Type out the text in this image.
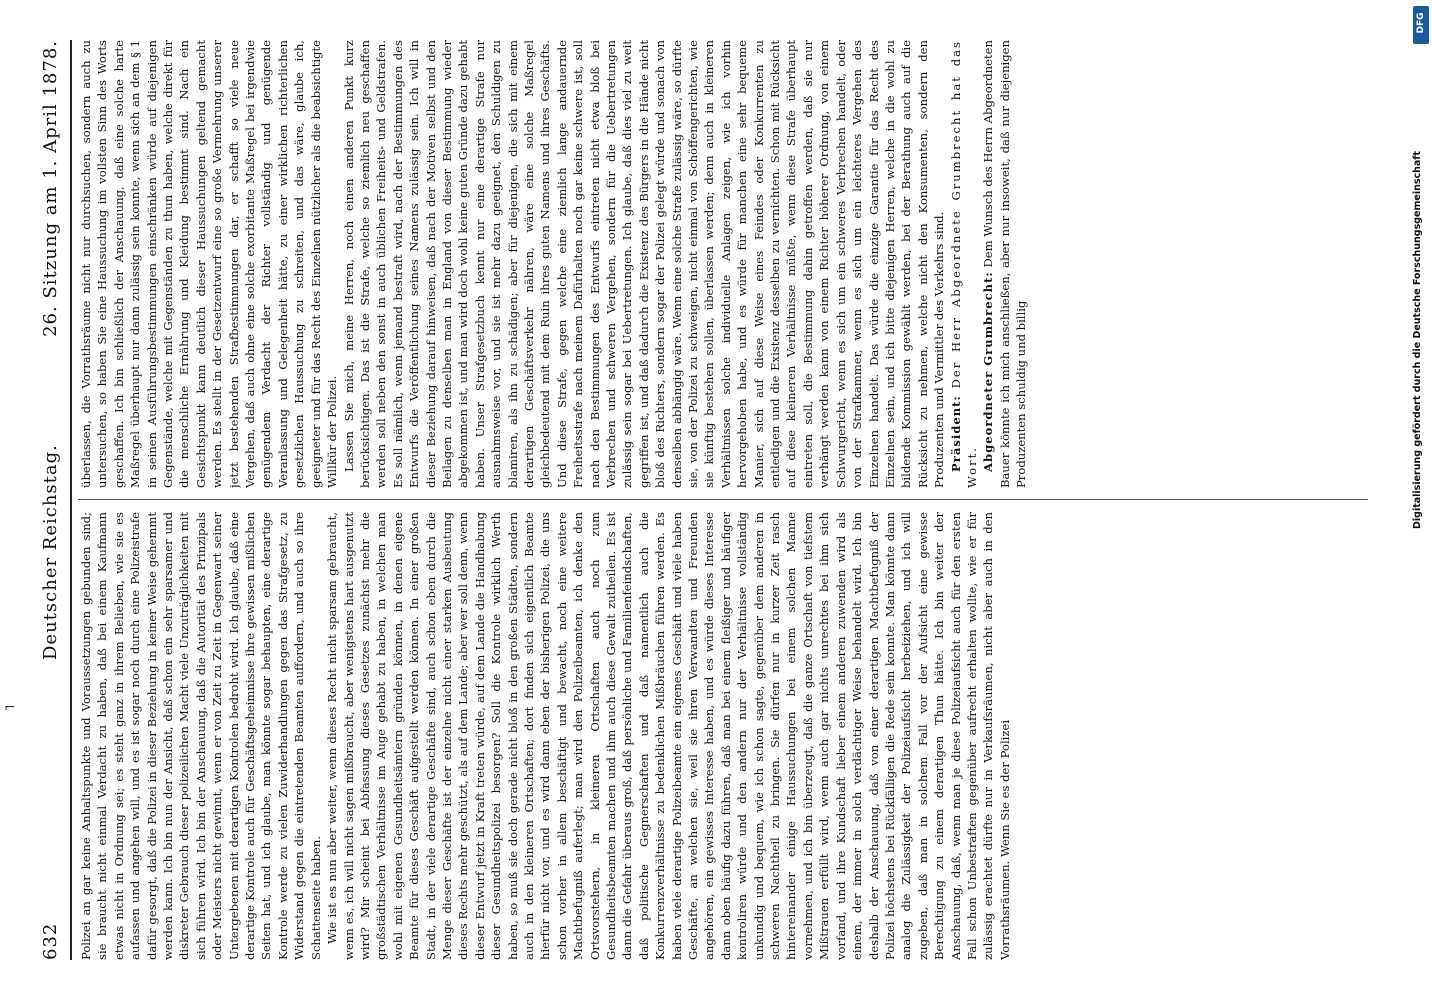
632
Deutscher Reichstag.
26. Sitzung am 1. April 1878.

Polizei an gar keine Anhaltspunkte und Voraussetzungen gebunden sind; sie braucht nicht einmal Verdacht zu haben, daß bei einem Kaufmann etwas nicht in Ordnung sei; es steht ganz in ihrem Belieben, wie sie es aufassen und angehen will, und es ist sogar noch durch eine Polizeistrafe dafür gesorgt, daß die Polizei in dieser Beziehung in keiner Weise gehemmt werden kann. Ich bin nun der Ansicht, daß schon ein sehr sparsamer und diskreter Gebrauch dieser polizeilichen Macht viele Unzuträglichkeiten mit sich führen wird. Ich bin der Anschauung, daß die Autorität des Prinzipals oder Meisters nicht gewinnt, wenn er von Zeit zu Zeit in Gegenwart seiner Untergebenen mit derartigen Kontrolen bedroht wird. Ich glaube, daß eine derartige Kontrole auch für Geschäftsgeheimnisse ihre gewissen mißlichen Seiten hat, und ich glaube, man könnte sogar behaupten, eine derartige Kontrole werde zu vielen Zuwiderhandlungen gegen das Strafgesetz, zu Widerstand gegen die eintretenden Beamten auffordern, und auch so ihre Schattenseite haben. Wie ist es nun aber weiter, wenn dieses Recht nicht sparsam gebraucht, wenn es, ich will nicht sagen mißbraucht, aber wenigstens hart ausgenutzt wird? Mir scheint bei Abfassung dieses Gesetzes zunächst mehr die großstädtischen Verhältnisse im Auge gehabt zu haben, in welchen man wohl mit eigenen Gesundheitsämtern gründen können, in denen eigene Beamte für dieses Geschäft aufgestellt werden können. In einer großen Stadt, in der viele derartige Geschäfte sind, auch schon eben durch die Menge dieser Geschäfte ist der einzelne nicht einer starken Ausbeutung dieses Rechts mehr geschützt, als auf dem Lande; aber wer soll denn, wenn dieser Entwurf jetzt in Kraft treten würde, auf dem Lande die Handhabung dieser Gesundheitspolizei besorgen? Soll die Kontrole wirklich Werth haben, so muß sie doch gerade nicht bloß in den großen Städten, sondern auch in den kleineren Ortschaften; dort finden sich eigentlich Beamte hierfür nicht vor, und es wird dann eben der bisherigen Polizei, die uns schon vorher in allem beschäftigt und bewacht, noch eine weitere Machtbefugniß auferlegt; man wird den Polizeibeamten, ich denke den Ortsvorstehern, in kleineren Ortschaften auch noch zum Gesundheitsbeamten machen und ihm auch diese Gewalt zutheilen. Es ist dann die Gefahr überaus groß, daß persönliche und Familienfeindschaften, daß politische Gegnerschaften und daß namentlich auch die Konkurrenzverhältnisse zu bedenklichen Mißbräuchen führen werden. Es haben viele derartige Polizeibeamte ein eigenes Geschäft und viele haben Geschäfte, an welchen sie, weil sie ihren Verwandten und Freunden angehören, ein gewisses Interesse haben, und es würde dieses Interesse dann oben häufig dazu führen, daß man bei einem fleißiger und häufiger kontroliren würde und den andern nur der Verhältnisse vollständig unkundig und bequem, wie ich schon sagte, gegenüber dem anderen in schweren Nachtheil zu bringen. Sie dürfen nur in kurzer Zeit rasch hintereinander einige Haussuchungen bei einem solchen Manne vornehmen, und ich bin überzeugt, daß die ganze Ortschaft von tiefstem Mißtrauen erfüllt wird, wenn auch gar nichts unrechtes bei ihm sich vorfand, und ihre Kundschaft lieber einem anderen zuwenden wird als einem, der immer in solch verdächtiger Weise behandelt wird. Ich bin deshalb der Anschauung, daß von einer derartigen Machtbefugniß der Polizei höchstens bei Rückfälligen die Rede sein konnte. Man könnte dann analog die Zulässigkeit der Polizeiaufsicht herbeiziehen, und ich will zugeben, daß man in solchem Fall vor der Aufsicht eine gewisse Berechtigung zu einem derartigen Thun hätte. Ich bin weiter der Anschauung, daß, wenn man je diese Polizeiaufsicht auch für den ersten Fall schon Unbestraften gegenüber aufrecht erhalten wollte, wie er für zulässig erachtet dürfte nur in Verkaufsräumen, nicht aber auch in den Vorrathsräumen. Wenn Sie es der Polizei

überlassen, die Vorrathsräume nicht nur durchsuchen, sondern auch zu untersuchen, so haben Sie eine Haussuchung im vollsten Sinn des Worts geschaffen. Ich bin schließlich der Anschauung, daß eine solche harte Maßregel überhaupt nur dann zulässig sein konnte, wenn sich an dem § 1 in seinen Ausführungsbestimmungen einschränken würde auf diejenigen Gegenstände, welche mit Gegenständen zu thun haben, welche direkt für die menschliche Ernährung und Kleidung bestimmt sind. Nach ein Gesichtspunkt kann deutlich dieser Haussuchungen geltend gemacht werden. Es stellt in der Gesetzentwurf eine so große Vermehrung unserer jetzt bestehenden Strafbestimmungen dar, er schafft so viele neue Vergehen, daß auch ohne eine solche exorbitante Maßregel bei irgendwie genügendem Verdacht der Richter vollständig und genügende Veranlassung und Gelegenheit hätte, zu einer wirklichen richterlichen gesetzlichen Haussuchung zu schreiten, und das wäre, glaube ich, geeigneter und für das Recht des Einzelnen nützlicher als die beabsichtigte Willkür der Polizei. Lassen Sie mich, meine Herren, noch einen anderen Punkt kurz berücksichtigen. Das ist die Strafe, welche so ziemlich neu geschaffen werden soll neben den sonst in auch üblichen Freiheits- und Geldstrafen. Es soll nämlich, wenn jemand bestraft wird, nach der Bestimmungen des Entwurfs die Veröffentlichung seines Namens zulässig sein. Ich will in dieser Beziehung darauf hinweisen, daß nach der Motiven selbst und den Beilagen zu denselben man in England von dieser Bestimmung wieder abgekommen ist, und man wird doch wohl keine guten Gründe dazu gehabt haben. Unser Strafgesetzbuch kennt nur eine derartige Strafe nur ausnahmsweise vor, und sie ist mehr dazu geeignet, den Schuldigen zu blamiren, als ihn zu schädigen; aber für diejenigen, die sich mit einem derartigen Geschäftsverkehr nähren, wäre eine solche Maßregel gleichbedeutend mit dem Ruin ihres guten Namens und ihres Geschäfts. Und diese Strafe, gegen welche eine ziemlich lange andauernde Freiheitsstrafe nach meinem Dafürhalten noch gar keine schwere ist, soll nach den Bestimmungen des Entwurfs eintreten nicht etwa bloß bei Verbrechen und schweren Vergehen, sondern für die Uebertretungen zulässig sein sogar bei Uebertretungen. Ich glaube, daß dies viel zu weit gegriffen ist, und daß dadurch die Existenz des Bürgers in die Hände nicht bloß des Richters, sondern sogar der Polizei gelegt würde und sonach von denselben abhängig wäre. Wenn eine solche Strafe zulässig wäre, so dürfte sie, von der Polizei zu schweigen, nicht einmal von Schöffengerichten, wie sie künftig bestehen sollen, überlassen werden; denn auch in kleineren Verhältnissen solche individuelle Anlagen zeigen, wie ich vorhin hervorgehoben habe, und es würde für manchen eine sehr bequeme Manier, sich auf diese Weise eines Feindes oder Konkurrenten zu entledigen und die Existenz desselben zu vernichten. Schon mit Rücksicht auf diese kleineren Verhältnisse müßte, wenn diese Strafe überhaupt eintreten soll, die Bestimmung dahin getroffen werden, daß sie nur verhängt werden kann von einem Richter höherer Ordnung, von einem Schwurgericht, wenn es sich um ein schweres Verbrechen handelt, oder von der Strafkammer, wenn es sich um ein leichteres Vergehen des Einzelnen handelt. Das würde die einzige Garantie für das Recht des Einzelnen sein, und ich bitte diejenigen Herren, welche in die wohl zu bildende Kommission gewählt werden, bei der Berathung auch auf die Rücksicht zu nehmen, welche nicht den Konsumenten, sondern den Produzenten und Vermittler des Verkehrs sind. Präsident: Der Herr Abgeordnete Grumbrecht hat das Wort. Abgeordneter Grumbrecht: Dem Wunsch des Herrn Abgeordneten Bauer könnte ich mich anschließen, aber nur insoweit, daß nur diejenigen Produzenten schuldig und billig

⌐
DFG
Digitalisierung gefördert durch die Deutsche Forschungsgemeinschaft
